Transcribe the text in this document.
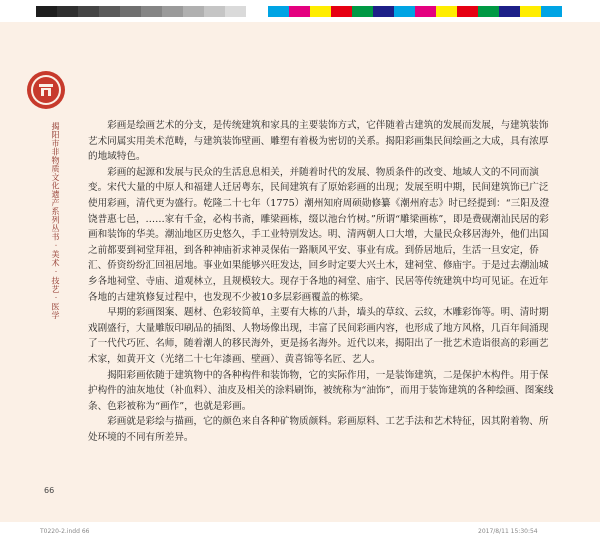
揭阳市非物质文化遗产系列丛书 · 美术 · 技艺 · 医学	彩画是绘画艺术的分支，是传统建筑和家具的主要装饰方式，它伴随着古建筑的发展而发展，与建筑装饰艺术同属实用美术范畴，与建筑装饰壁画、雕塑有着极为密切的关系。揭阳彩画集民间绘画之大成，具有浓厚的地域特色。

彩画的起源和发展与民众的生活息息相关，并随着时代的发展、物质条件的改变、地域人文的不同而演变。宋代大量的中原人和福建人迁居粤东，民间建筑有了原始彩画的出现；发展至明中期，民间建筑饰已广泛使用彩画，清代更为盛行。乾隆二十七年（1775）潮州知府周硕勋修纂《潮州府志》时已经提到：“三阳及澄饶普惠七邑，……家有千金，必构书斋，雕梁画栋，缀以池台竹树。”所谓“雕梁画栋”，即是费砚潮汕民居的彩画和装饰的华美。潮汕地区历史悠久，手工业特别发达。明、清两朝人口大增，大量民众移居海外，他们出国之前都要到祠堂拜祖，到各种神庙祈求神灵保佑一路顺风平安、事业有成。到侨居地后，生活一旦安定，侨汇、侨资纷纷汇回祖居地。事业如果能够兴旺发达，回乡时定要大兴土木，建祠堂、修庙宇。于是过去潮汕城乡各地祠堂、寺庙、道观林立，且规模较大。现存于各地的祠堂、庙宇、民居等传统建筑中均可见证。在近年各地的古建筑修复过程中，也发现不少被10多层彩画覆盖的栋梁。

早期的彩画图案、题材、色彩较简单，主要有大栋的八卦，墙头的草纹、云纹，木雕彩饰等。明、清时期戏剧盛行，大量雕版印刷品的插图、人物场像出现，丰富了民间彩画内容，也形成了地方风格，几百年间涌现了一代代巧匠、名师，随着潮人的移民海外，更是扬名海外。近代以来，揭阳出了一批艺术造诣很高的彩画艺术家，如黄开文（光绪二十七年漆画、壁画）、黄喜锦等名匠、艺人。

揭阳彩画依随于建筑物中的各种构件和装饰物，它的实际作用，一是装饰建筑，二是保护木构件。用于保护构件的油灰地仗（补血料）、油皮及相关的涂料刷饰，被统称为“油饰”，而用于装饰建筑的各种绘画、图案线条、色彩被称为“画作”，也就是彩画。

彩画就是彩绘与描画，它的颜色来自各种矿物质颜料。彩画原料、工艺手法和艺术特征，因其附着物、所处环境的不同有所差异。

66
T0220-2.indd 66	2017/8/11 15:30:54
